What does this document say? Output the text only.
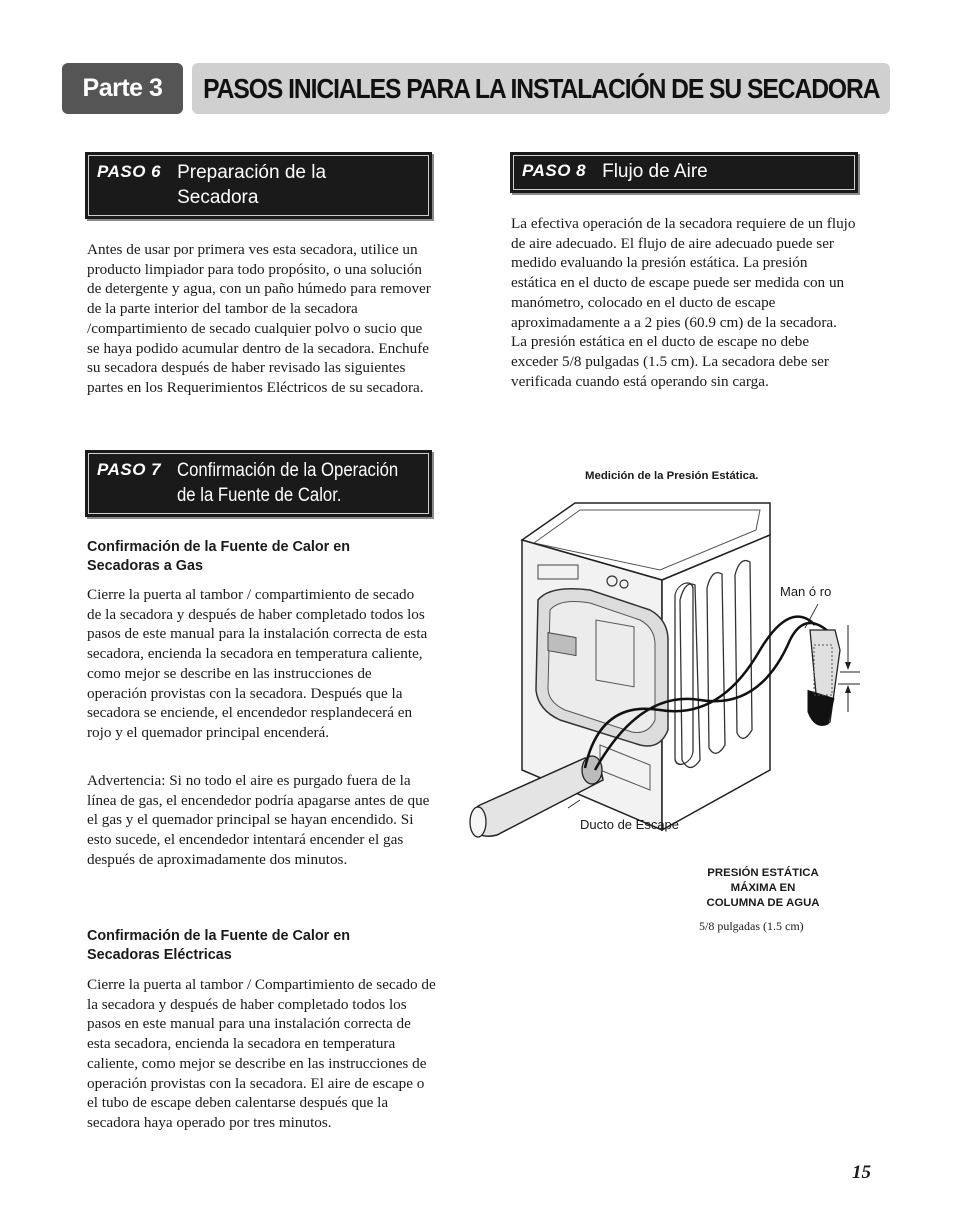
Parte 3	PASOS INICIALES PARA LA INSTALACIÓN DE SU SECADORA
PASO 6 Preparación de la
Secadora
Antes de usar por primera ves esta secadora, utilice un producto limpiador para todo propósito, o una solución de detergente y agua, con un paño húmedo para remover de la parte interior del tambor de la secadora /compartimiento de secado cualquier polvo o sucio que se haya podido acumular dentro de la secadora. Enchufe su secadora después de haber revisado las siguientes partes en los Requerimientos Eléctricos de su secadora.
PASO 7 Confirmación de la Operación
de la Fuente de Calor.
Confirmación de la Fuente de Calor en Secadoras a Gas
Cierre la puerta al tambor / compartimiento de secado de la secadora y después de haber completado todos los pasos de este manual para la instalación correcta de esta secadora, encienda la secadora en temperatura caliente, como mejor se describe en las instrucciones de operación provistas con la secadora. Después que la secadora se enciende, el encendedor resplandecerá en rojo y el quemador principal encenderá.
Advertencia: Si no todo el aire es purgado fuera de la línea de gas, el encendedor podría apagarse antes de que el gas y el quemador principal se hayan encendido. Si esto sucede, el encendedor intentará encender el gas después de aproximadamente dos minutos.
Confirmación de la Fuente de Calor en Secadoras Eléctricas
Cierre la puerta al tambor / Compartimiento de secado de la secadora y después de haber completado todos los pasos en este manual para una instalación correcta de esta secadora, encienda la secadora en temperatura caliente, como mejor se describe en las instrucciones de operación provistas con la secadora. El aire de escape o el tubo de escape deben calentarse después que la secadora haya operado por tres minutos.
PASO 8 Flujo de Aire
La efectiva operación de la secadora requiere de un flujo de aire adecuado. El flujo de aire adecuado puede ser medido evaluando la presión estática. La presión estática en el ducto de escape puede ser medida con un manómetro, colocado en el ducto de escape aproximadamente a a 2 pies (60.9 cm) de la secadora. La presión estática en el ducto de escape no debe exceder 5/8 pulgadas (1.5 cm). La secadora debe ser verificada cuando está operando sin carga.
Medición de la Presión Estática.
Man ó ro
Ducto de Escape
PRESIÓN ESTÁTICA
MÁXIMA EN
COLUMNA DE AGUA
5/8 pulgadas (1.5 cm)
15
